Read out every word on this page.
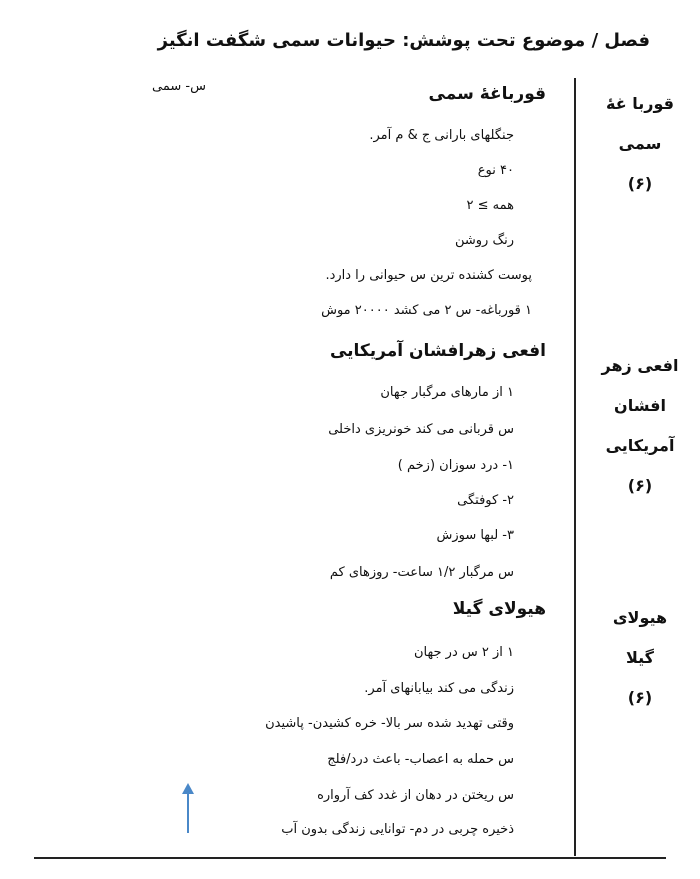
فصل / موضوع تحت پوشش: حیوانات سمی شگفت انگیز
س- سمی
قوربا غهٔ
سمی
(۶)
قورباغهٔ سمی
جنگلهای بارانی ج & م آمر.
۴۰ نوع
همه ≥ ۲
رنگ روشن
پوست کشنده ترین س حیوانی را دارد.
۱ قورباغه- س ۲ می کشد ۲۰۰۰۰ موش
افعی زهر
افشان
آمریکایی
(۶)
افعی زهرافشان آمریکایی
۱ از مارهای مرگبار جهان
س قربانی می کند خونریزی داخلی
۱- درد سوزان (زخم )
۲- کوفتگی
۳- لبها سوزش
س مرگبار ۱/۲ ساعت- روزهای کم
هیولای
گیلا
(۶)
هیولای گیلا
۱ از ۲ س در جهان
زندگی می کند بیابانهای آمر.
وقتی تهدید شده سر بالا- خره کشیدن- پاشیدن
س حمله به اعصاب- باعث درد/فلج
س ریختن در دهان از غدد کف آرواره
ذخیره چربی در دم- توانایی زندگی بدون آب
